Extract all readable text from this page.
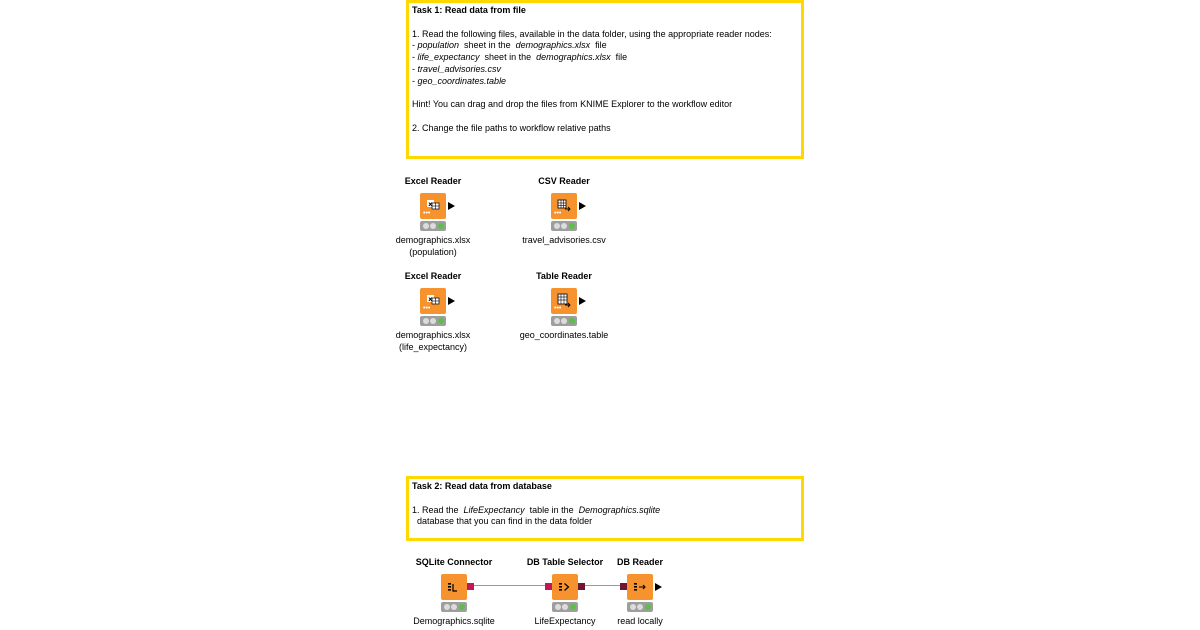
Task 1: Read data from file

1. Read the following files, available in the data folder, using the appropriate reader nodes:

- population  sheet in the  demographics.xlsx  file

- life_expectancy  sheet in the  demographics.xlsx  file

- travel_advisories.csv

- geo_coordinates.table

Hint! You can drag and drop the files from KNIME Explorer to the workflow editor

2. Change the file paths to workflow relative paths

Task 2: Read data from database

1. Read the  LifeExpectancy  table in the  Demographics.sqlite  database that you can find in the data folder

Excel Reader
x
•••
demographics.xlsx
(population)
CSV Reader
•••
travel_advisories.csv
Excel Reader
x
•••
demographics.xlsx
(life_expectancy)
Table Reader
•••
geo_coordinates.table
SQLite Connector
Demographics.sqlite
DB Table Selector
LifeExpectancy
DB Reader
read locally
